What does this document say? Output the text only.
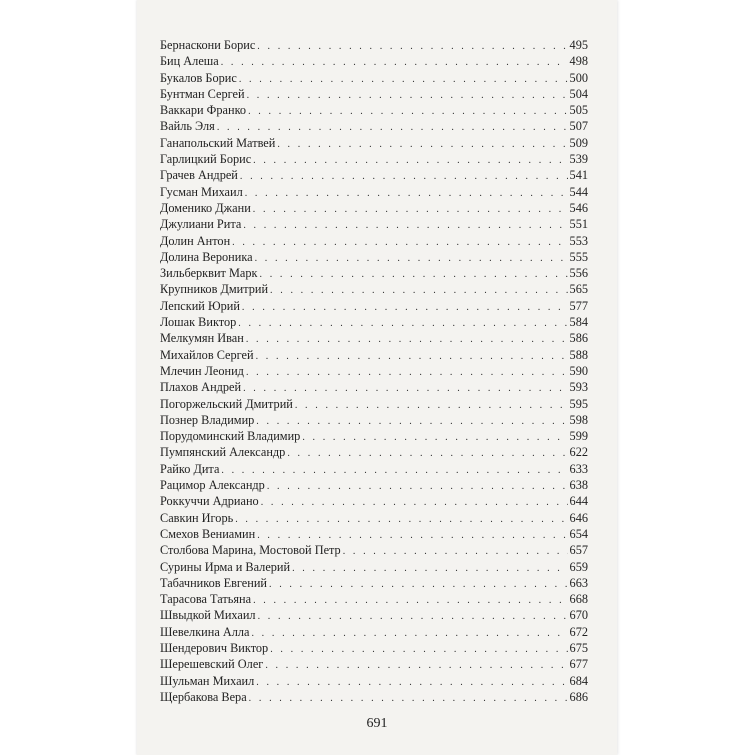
Бернаскони Борис . . .	495
Биц Алеша . . .	498
Букалов Борис . . .	500
Бунтман Сергей . . .	504
Ваккари Франко . . .	505
Вайль Эля . . .	507
Ганапольский Матвей . . .	509
Гарлицкий Борис . . .	539
Грачев Андрей . . .	541
Гусман Михаил . . .	544
Доменико Джани . . .	546
Джулиани Рита . . .	551
Долин Антон . . .	553
Долина Вероника . . .	555
Зильберквит Марк . . .	556
Крупников Дмитрий . . .	565
Лепский Юрий . . .	577
Лошак Виктор . . .	584
Мелкумян Иван . . .	586
Михайлов Сергей . . .	588
Млечин Леонид . . .	590
Плахов Андрей . . .	593
Погоржельский Дмитрий . . .	595
Познер Владимир . . .	598
Порудоминский Владимир . . .	599
Пумпянский Александр . . .	622
Райко Дита . . .	633
Рацимор Александр . . .	638
Роккуччи Адриано . . .	644
Савкин Игорь . . .	646
Смехов Вениамин . . .	654
Столбова Марина, Мостовой Петр . . .	657
Сурины Ирма и Валерий . . .	659
Табачников Евгений . . .	663
Тарасова Татьяна . . .	668
Швыдкой Михаил . . .	670
Шевелкина Алла . . .	672
Шендерович Виктор . . .	675
Шерешевский Олег . . .	677
Шульман Михаил . . .	684
Щербакова Вера . . .	686
691
